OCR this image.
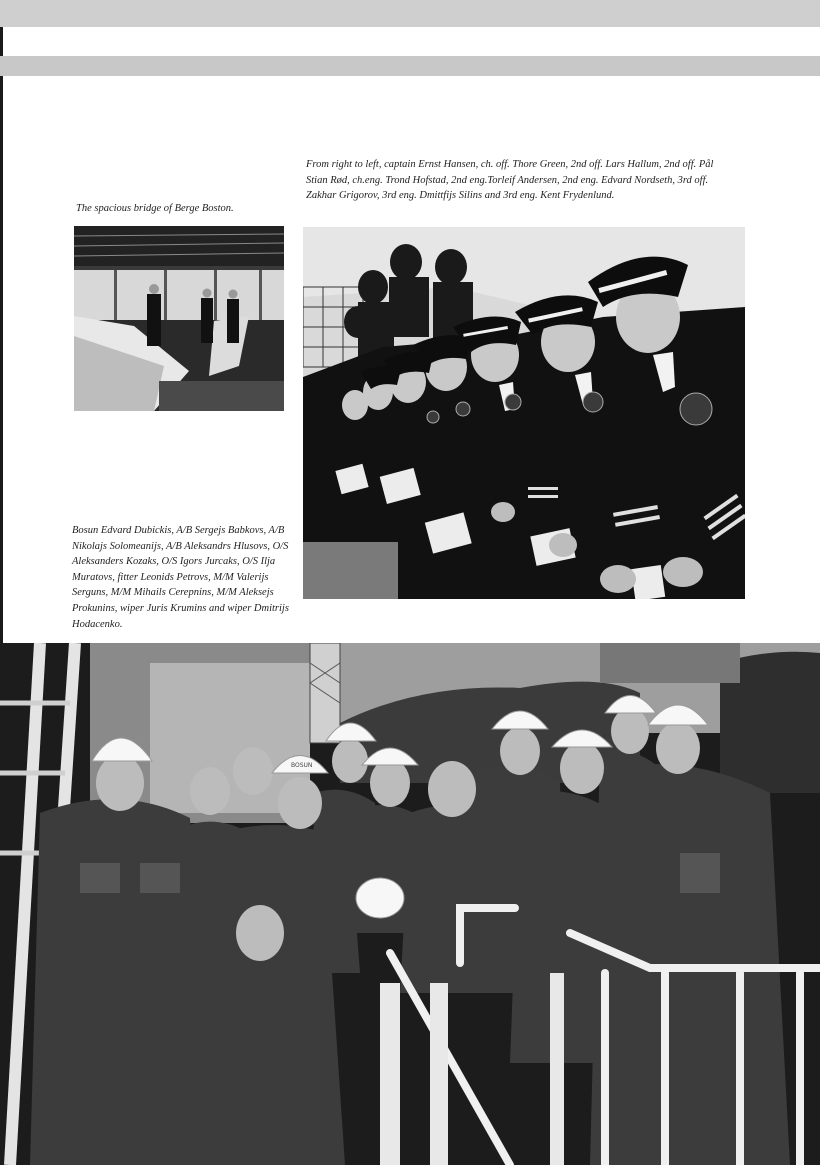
The spacious bridge of Berge Boston.

From right to left, captain Ernst Hansen, ch. off. Thore Green, 2nd off. Lars Hallum, 2nd off. Pål Stian Rød, ch.eng. Trond Hofstad, 2nd eng.Torleif Andersen, 2nd eng. Edvard Nordseth, 3rd off. Zakhar Grigorov, 3rd eng. Dmittfijs Silins and 3rd eng. Kent Frydenlund.

Bosun Edvard Dubickis, A/B Sergejs Babkovs, A/B Nikolajs Solomeanijs, A/B Aleksandrs Hlusovs, O/S Aleksanders Kozaks, O/S Igors Jurcaks, O/S Ilja Muratovs, fitter Leonids Petrovs, M/M Valerijs Serguns, M/M Mihails Cerepnins, M/M Aleksejs Prokunins, wiper Juris Krumins and wiper Dmitrijs Hodacenko.

BOSUN
